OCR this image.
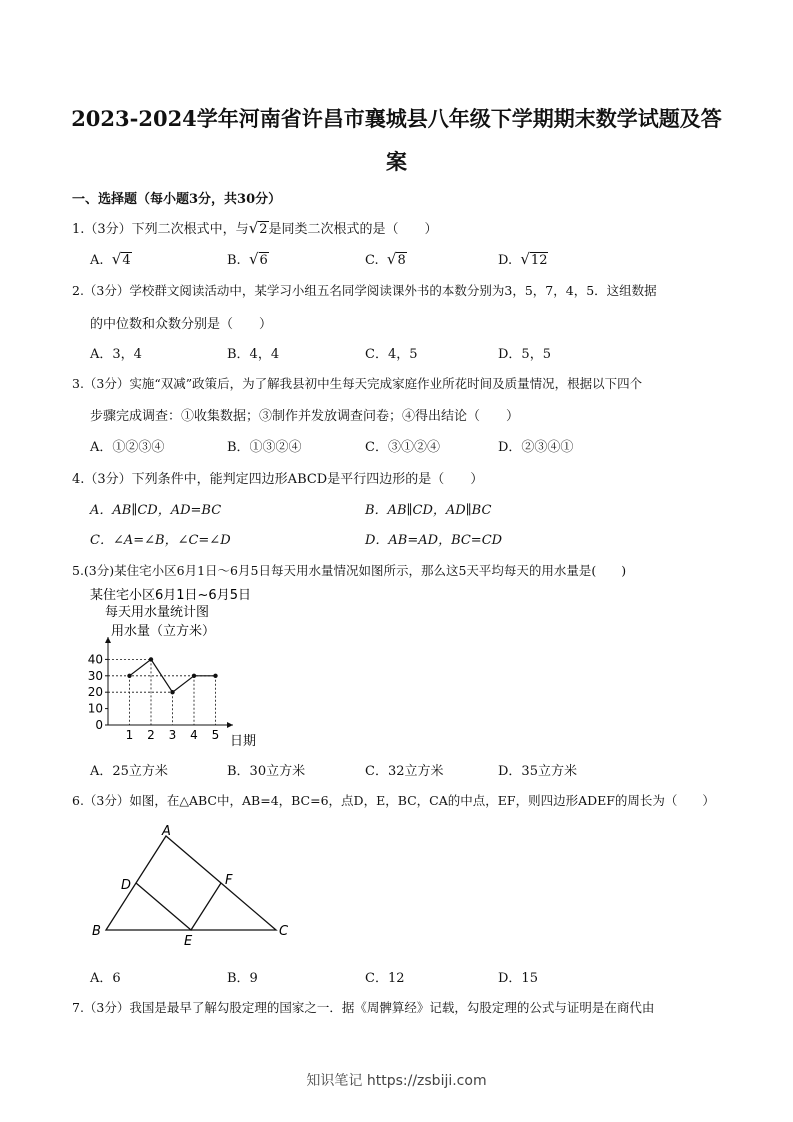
2023-2024学年河南省许昌市襄城县八年级下学期期末数学试题及答
案
一、选择题（每小题3分，共30分）
1.（3分）下列二次根式中，与√2是同类二次根式的是（　　）
A. √4	B. √6	C. √8	D. √12
2.（3分）学校群文阅读活动中，某学习小组五名同学阅读课外书的本数分别为3，5，7，4，5．这组数据
的中位数和众数分别是（　　）
A．3，4	B．4，4	C．4，5	D．5，5
3.（3分）实施“双减”政策后，为了解我县初中生每天完成家庭作业所花时间及质量情况，根据以下四个
步骤完成调查：①收集数据；③制作并发放调查问卷；④得出结论（　　）
A．①②③④	B．①③②④	C．③①②④	D．②③④①
4.（3分）下列条件中，能判定四边形ABCD是平行四边形的是（　　）
A．AB∥CD，AD=BC	B．AB∥CD，AD∥BC
C．∠A=∠B，∠C=∠D	D．AB=AD，BC=CD
5.(3分)某住宅小区6月1日～6月5日每天用水量情况如图所示，那么这5天平均每天的用水量是(　　)
某住宅小区6月1日~6月5日
每天用水量统计图
用水量（立方米）
日期
0
10
20
30
40
1 2 3 4 5
A．25立方米	B．30立方米	C．32立方米	D．35立方米
6.（3分）如图，在△ABC中，AB=4，BC=6，点D，E，BC，CA的中点，EF，则四边形ADEF的周长为（　　）
A
B	C
D
E
F
A．6	B．9	C．12	D．15
7.（3分）我国是最早了解勾股定理的国家之一．据《周髀算经》记载，勾股定理的公式与证明是在商代由
知识笔记 https://zsbiji.com
